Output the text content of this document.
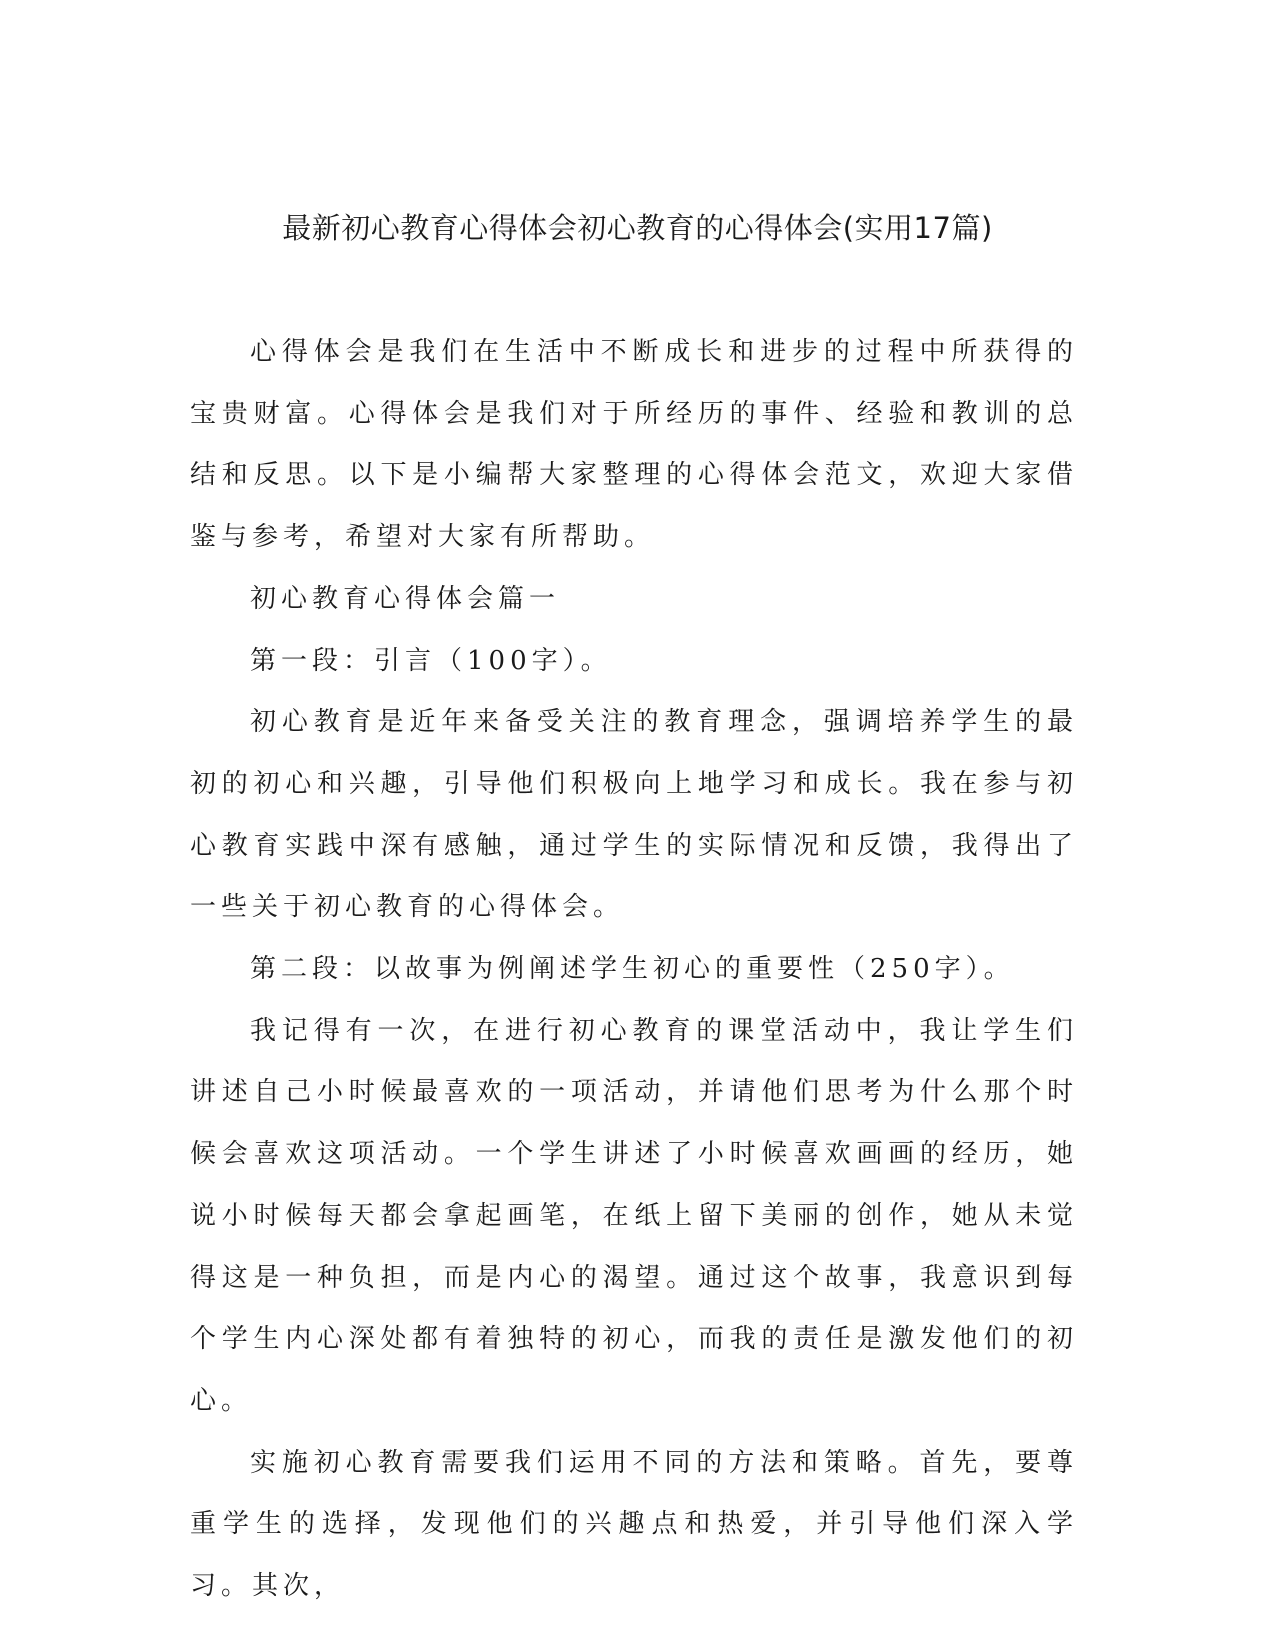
最新初心教育心得体会初心教育的心得体会(实用17篇)

心得体会是我们在生活中不断成长和进步的过程中所获得的宝贵财富。心得体会是我们对于所经历的事件、经验和教训的总结和反思。以下是小编帮大家整理的心得体会范文，欢迎大家借鉴与参考，希望对大家有所帮助。

初心教育心得体会篇一

第一段：引言（100字）。

初心教育是近年来备受关注的教育理念，强调培养学生的最初的初心和兴趣，引导他们积极向上地学习和成长。我在参与初心教育实践中深有感触，通过学生的实际情况和反馈，我得出了一些关于初心教育的心得体会。

第二段：以故事为例阐述学生初心的重要性（250字）。

我记得有一次，在进行初心教育的课堂活动中，我让学生们讲述自己小时候最喜欢的一项活动，并请他们思考为什么那个时候会喜欢这项活动。一个学生讲述了小时候喜欢画画的经历，她说小时候每天都会拿起画笔，在纸上留下美丽的创作，她从未觉得这是一种负担，而是内心的渴望。通过这个故事，我意识到每个学生内心深处都有着独特的初心，而我的责任是激发他们的初心。

实施初心教育需要我们运用不同的方法和策略。首先，要尊重学生的选择，发现他们的兴趣点和热爱，并引导他们深入学习。其次，
